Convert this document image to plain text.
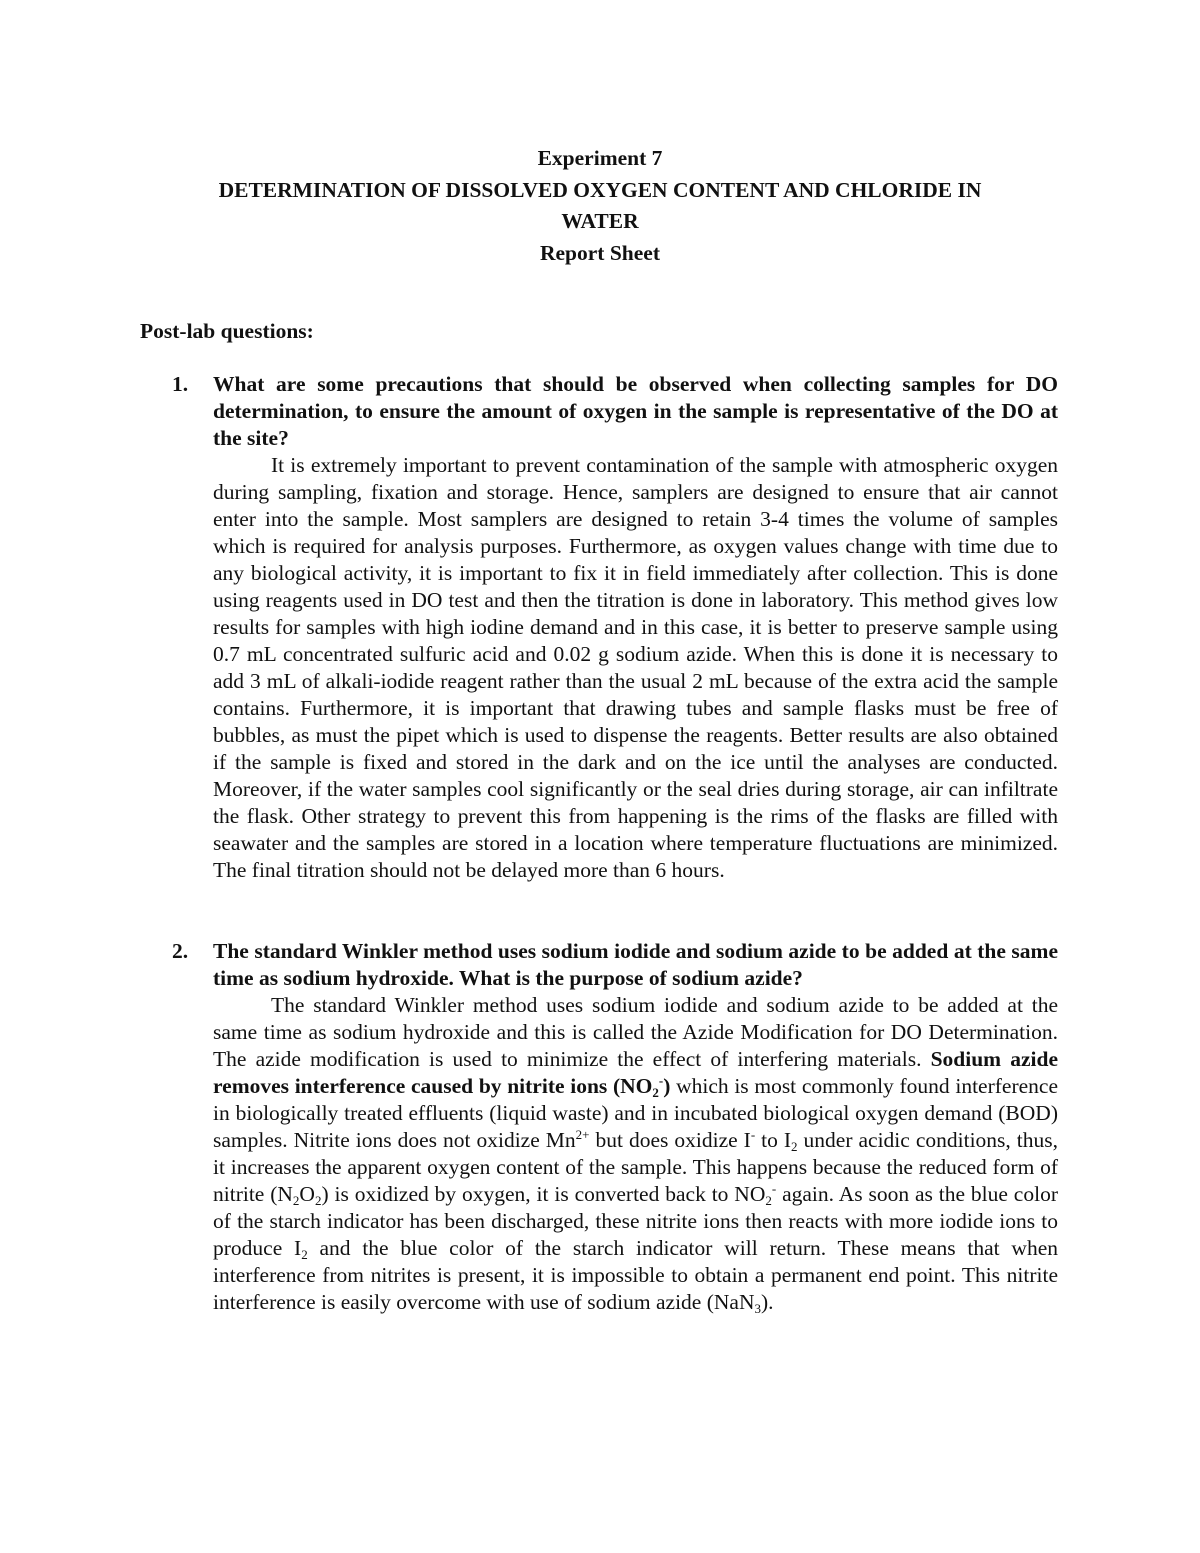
Experiment 7
DETERMINATION OF DISSOLVED OXYGEN CONTENT AND CHLORIDE IN
WATER
Report Sheet

Post-lab questions:

1. What are some precautions that should be observed when collecting samples for DO determination, to ensure the amount of oxygen in the sample is representative of the DO at the site?

It is extremely important to prevent contamination of the sample with atmospheric oxygen during sampling, fixation and storage. Hence, samplers are designed to ensure that air cannot enter into the sample. Most samplers are designed to retain 3-4 times the volume of samples which is required for analysis purposes. Furthermore, as oxygen values change with time due to any biological activity, it is important to fix it in field immediately after collection. This is done using reagents used in DO test and then the titration is done in laboratory. This method gives low results for samples with high iodine demand and in this case, it is better to preserve sample using 0.7 mL concentrated sulfuric acid and 0.02 g sodium azide. When this is done it is necessary to add 3 mL of alkali-iodide reagent rather than the usual 2 mL because of the extra acid the sample contains. Furthermore, it is important that drawing tubes and sample flasks must be free of bubbles, as must the pipet which is used to dispense the reagents. Better results are also obtained if the sample is fixed and stored in the dark and on the ice until the analyses are conducted. Moreover, if the water samples cool significantly or the seal dries during storage, air can infiltrate the flask. Other strategy to prevent this from happening is the rims of the flasks are filled with seawater and the samples are stored in a location where temperature fluctuations are minimized. The final titration should not be delayed more than 6 hours.

2. The standard Winkler method uses sodium iodide and sodium azide to be added at the same time as sodium hydroxide. What is the purpose of sodium azide?

The standard Winkler method uses sodium iodide and sodium azide to be added at the same time as sodium hydroxide and this is called the Azide Modification for DO Determination. The azide modification is used to minimize the effect of interfering materials. Sodium azide removes interference caused by nitrite ions $(NO_2^-)$ which is most commonly found interference in biologically treated effluents (liquid waste) and in incubated biological oxygen demand (BOD) samples. Nitrite ions does not oxidize $Mn^{2+}$ but does oxidize I- to $I_2$ under acidic conditions, thus, it increases the apparent oxygen content of the sample. This happens because the reduced form of nitrite $(N_2O_2)$ is oxidized by oxygen, it is converted back to $NO_2^-$ again. As soon as the blue color of the starch indicator has been discharged, these nitrite ions then reacts with more iodide ions to produce $I_2$ and the blue color of the starch indicator will return. These means that when interference from nitrites is present, it is impossible to obtain a permanent end point. This nitrite interference is easily overcome with use of sodium azide (NaN$_3$).
